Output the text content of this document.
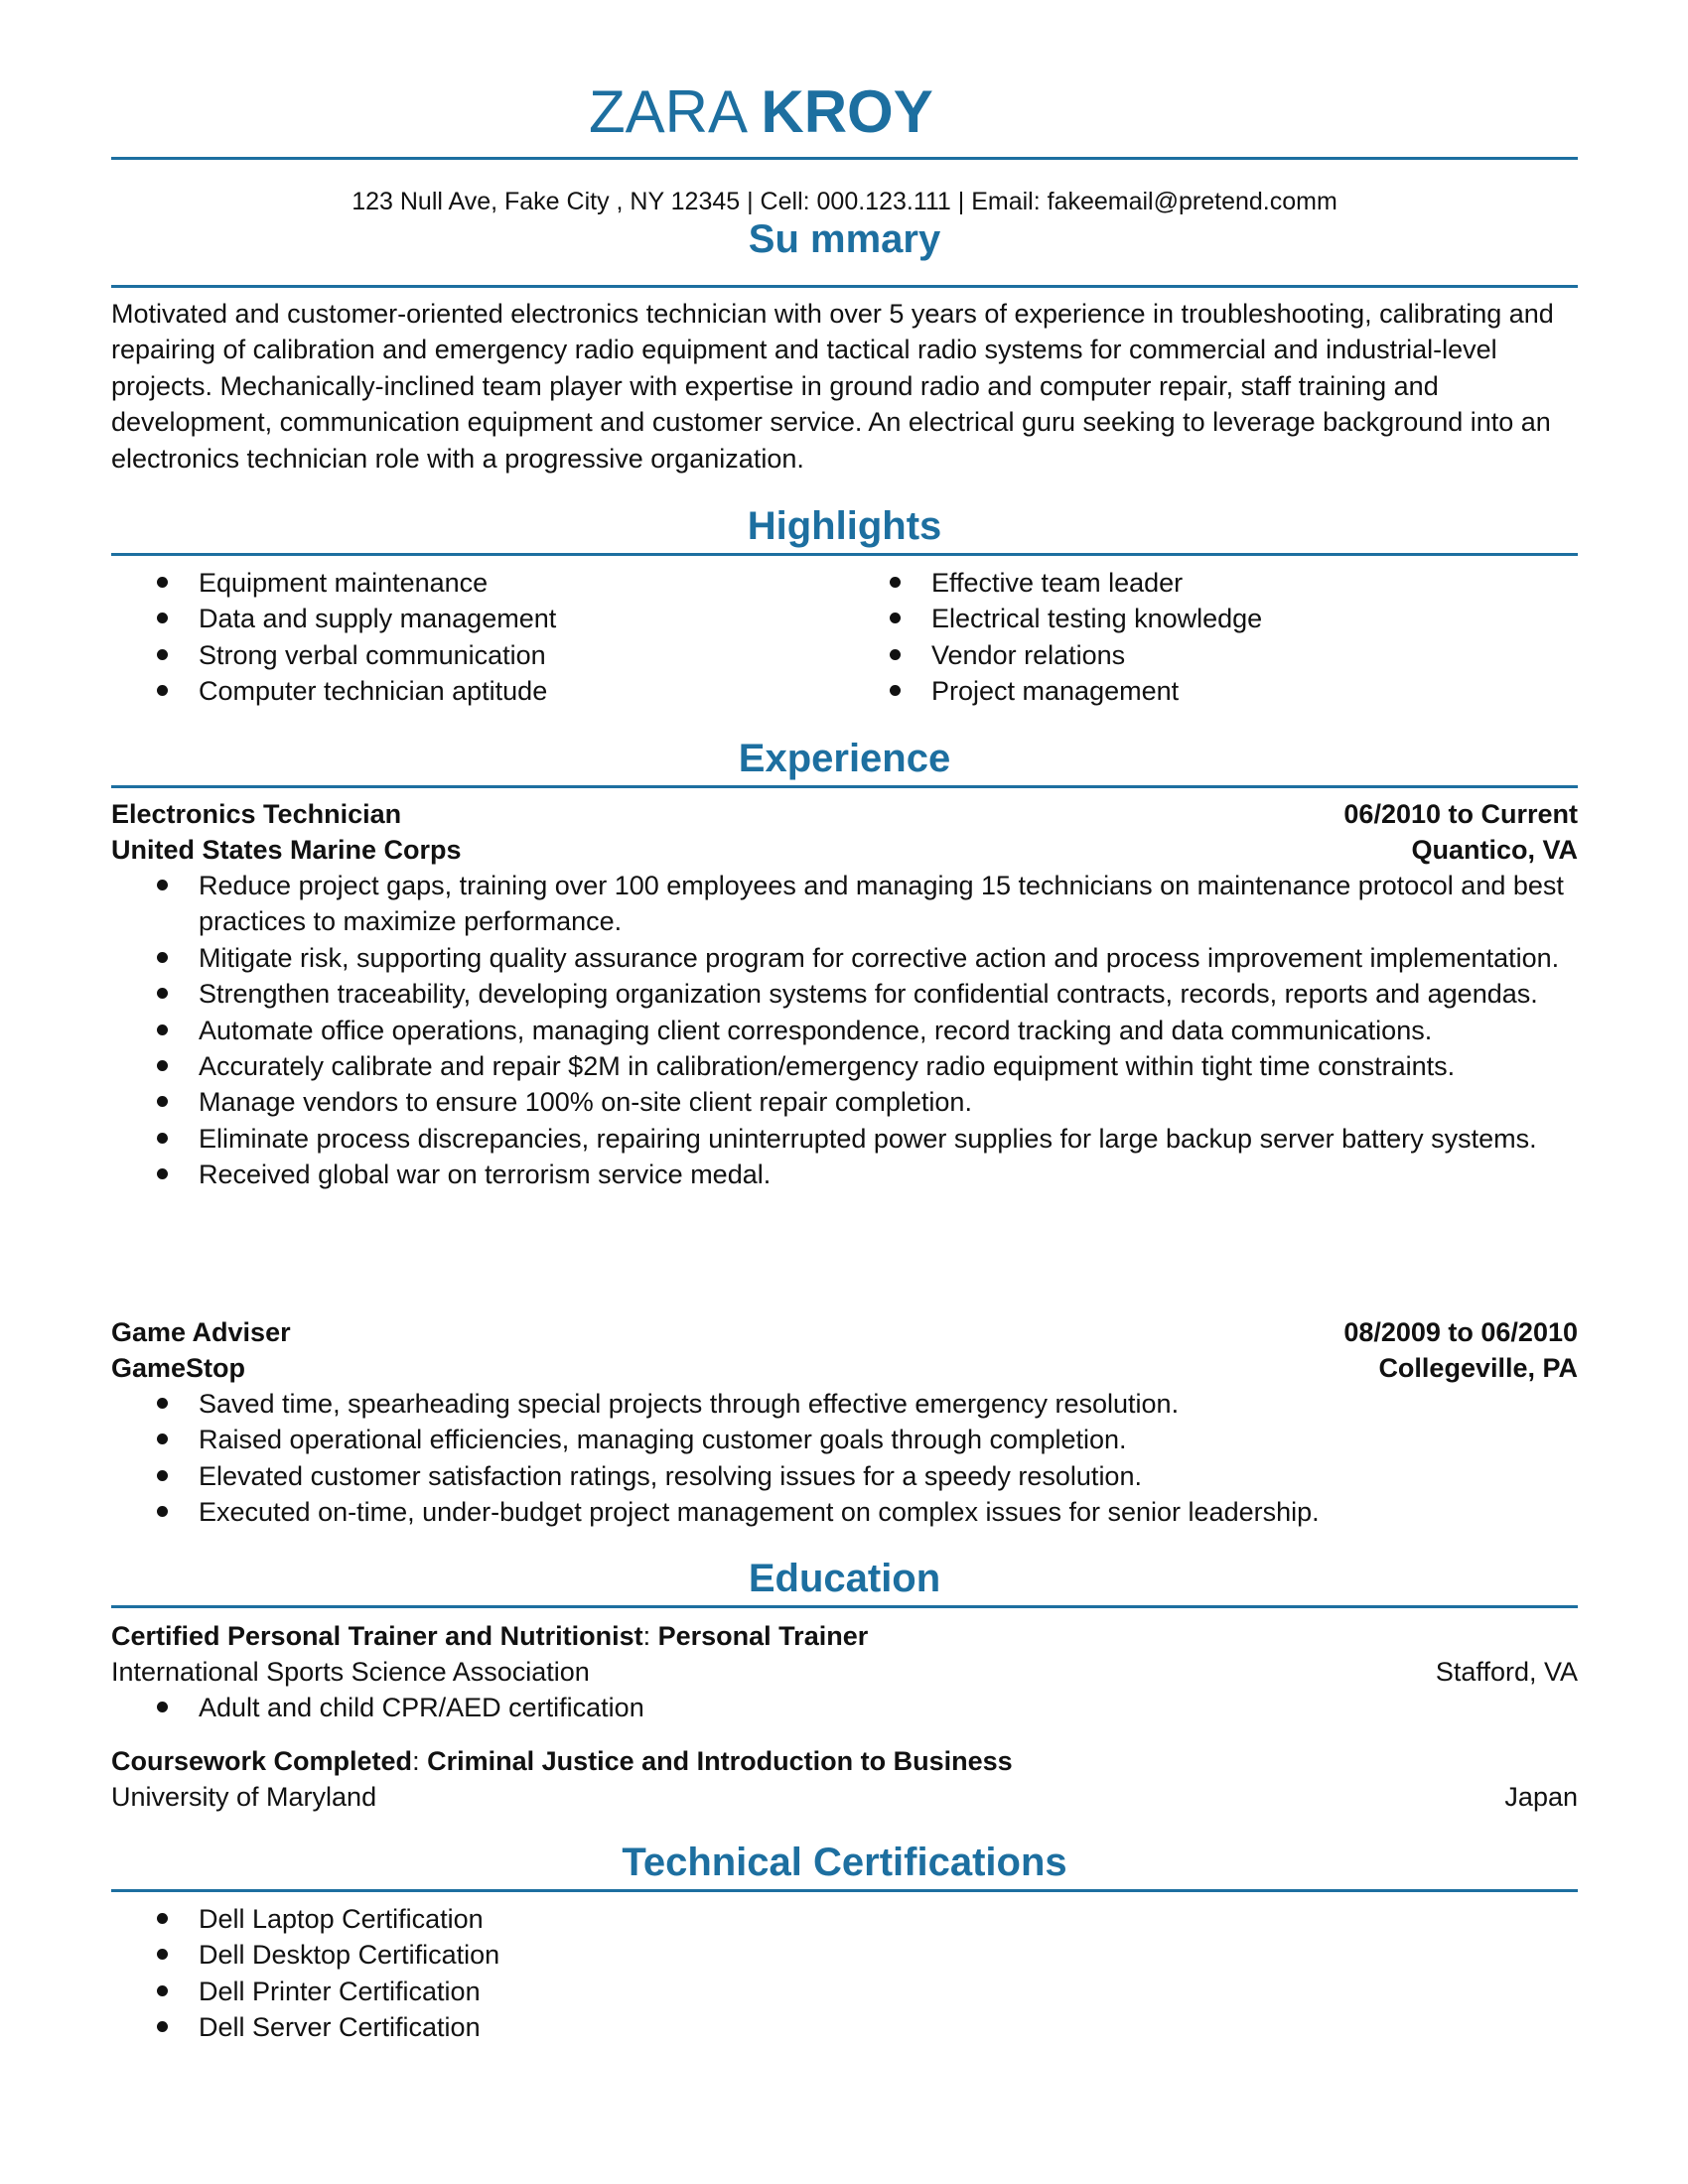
ZARA KROY
123 Null Ave, Fake City , NY 12345 | Cell: 000.123.111 | Email: fakeemail@pretend.comm
Su mmary
Motivated and customer-oriented electronics technician with over 5 years of experience in troubleshooting, calibrating and repairing of calibration and emergency radio equipment and tactical radio systems for commercial and industrial-level projects. Mechanically-inclined team player with expertise in ground radio and computer repair, staff training and development, communication equipment and customer service. An electrical guru seeking to leverage background into an electronics technician role with a progressive organization.
Highlights
Equipment maintenance
Data and supply management
Strong verbal communication
Computer technician aptitude
Effective team leader
Electrical testing knowledge
Vendor relations
Project management
Experience
Electronics Technician	06/2010 to Current
United States Marine Corps	Quantico, VA
Reduce project gaps, training over 100 employees and managing 15 technicians on maintenance protocol and best practices to maximize performance.
Mitigate risk, supporting quality assurance program for corrective action and process improvement implementation.
Strengthen traceability, developing organization systems for confidential contracts, records, reports and agendas.
Automate office operations, managing client correspondence, record tracking and data communications.
Accurately calibrate and repair $2M in calibration/emergency radio equipment within tight time constraints.
Manage vendors to ensure 100% on-site client repair completion.
Eliminate process discrepancies, repairing uninterrupted power supplies for large backup server battery systems.
Received global war on terrorism service medal.
Game Adviser	08/2009 to 06/2010
GameStop	Collegeville, PA
Saved time, spearheading special projects through effective emergency resolution.
Raised operational efficiencies, managing customer goals through completion.
Elevated customer satisfaction ratings, resolving issues for a speedy resolution.
Executed on-time, under-budget project management on complex issues for senior leadership.
Education
Certified Personal Trainer and Nutritionist: Personal Trainer
International Sports Science Association	Stafford, VA
Adult and child CPR/AED certification
Coursework Completed: Criminal Justice and Introduction to Business
University of Maryland	Japan
Technical Certifications
Dell Laptop Certification
Dell Desktop Certification
Dell Printer Certification
Dell Server Certification
